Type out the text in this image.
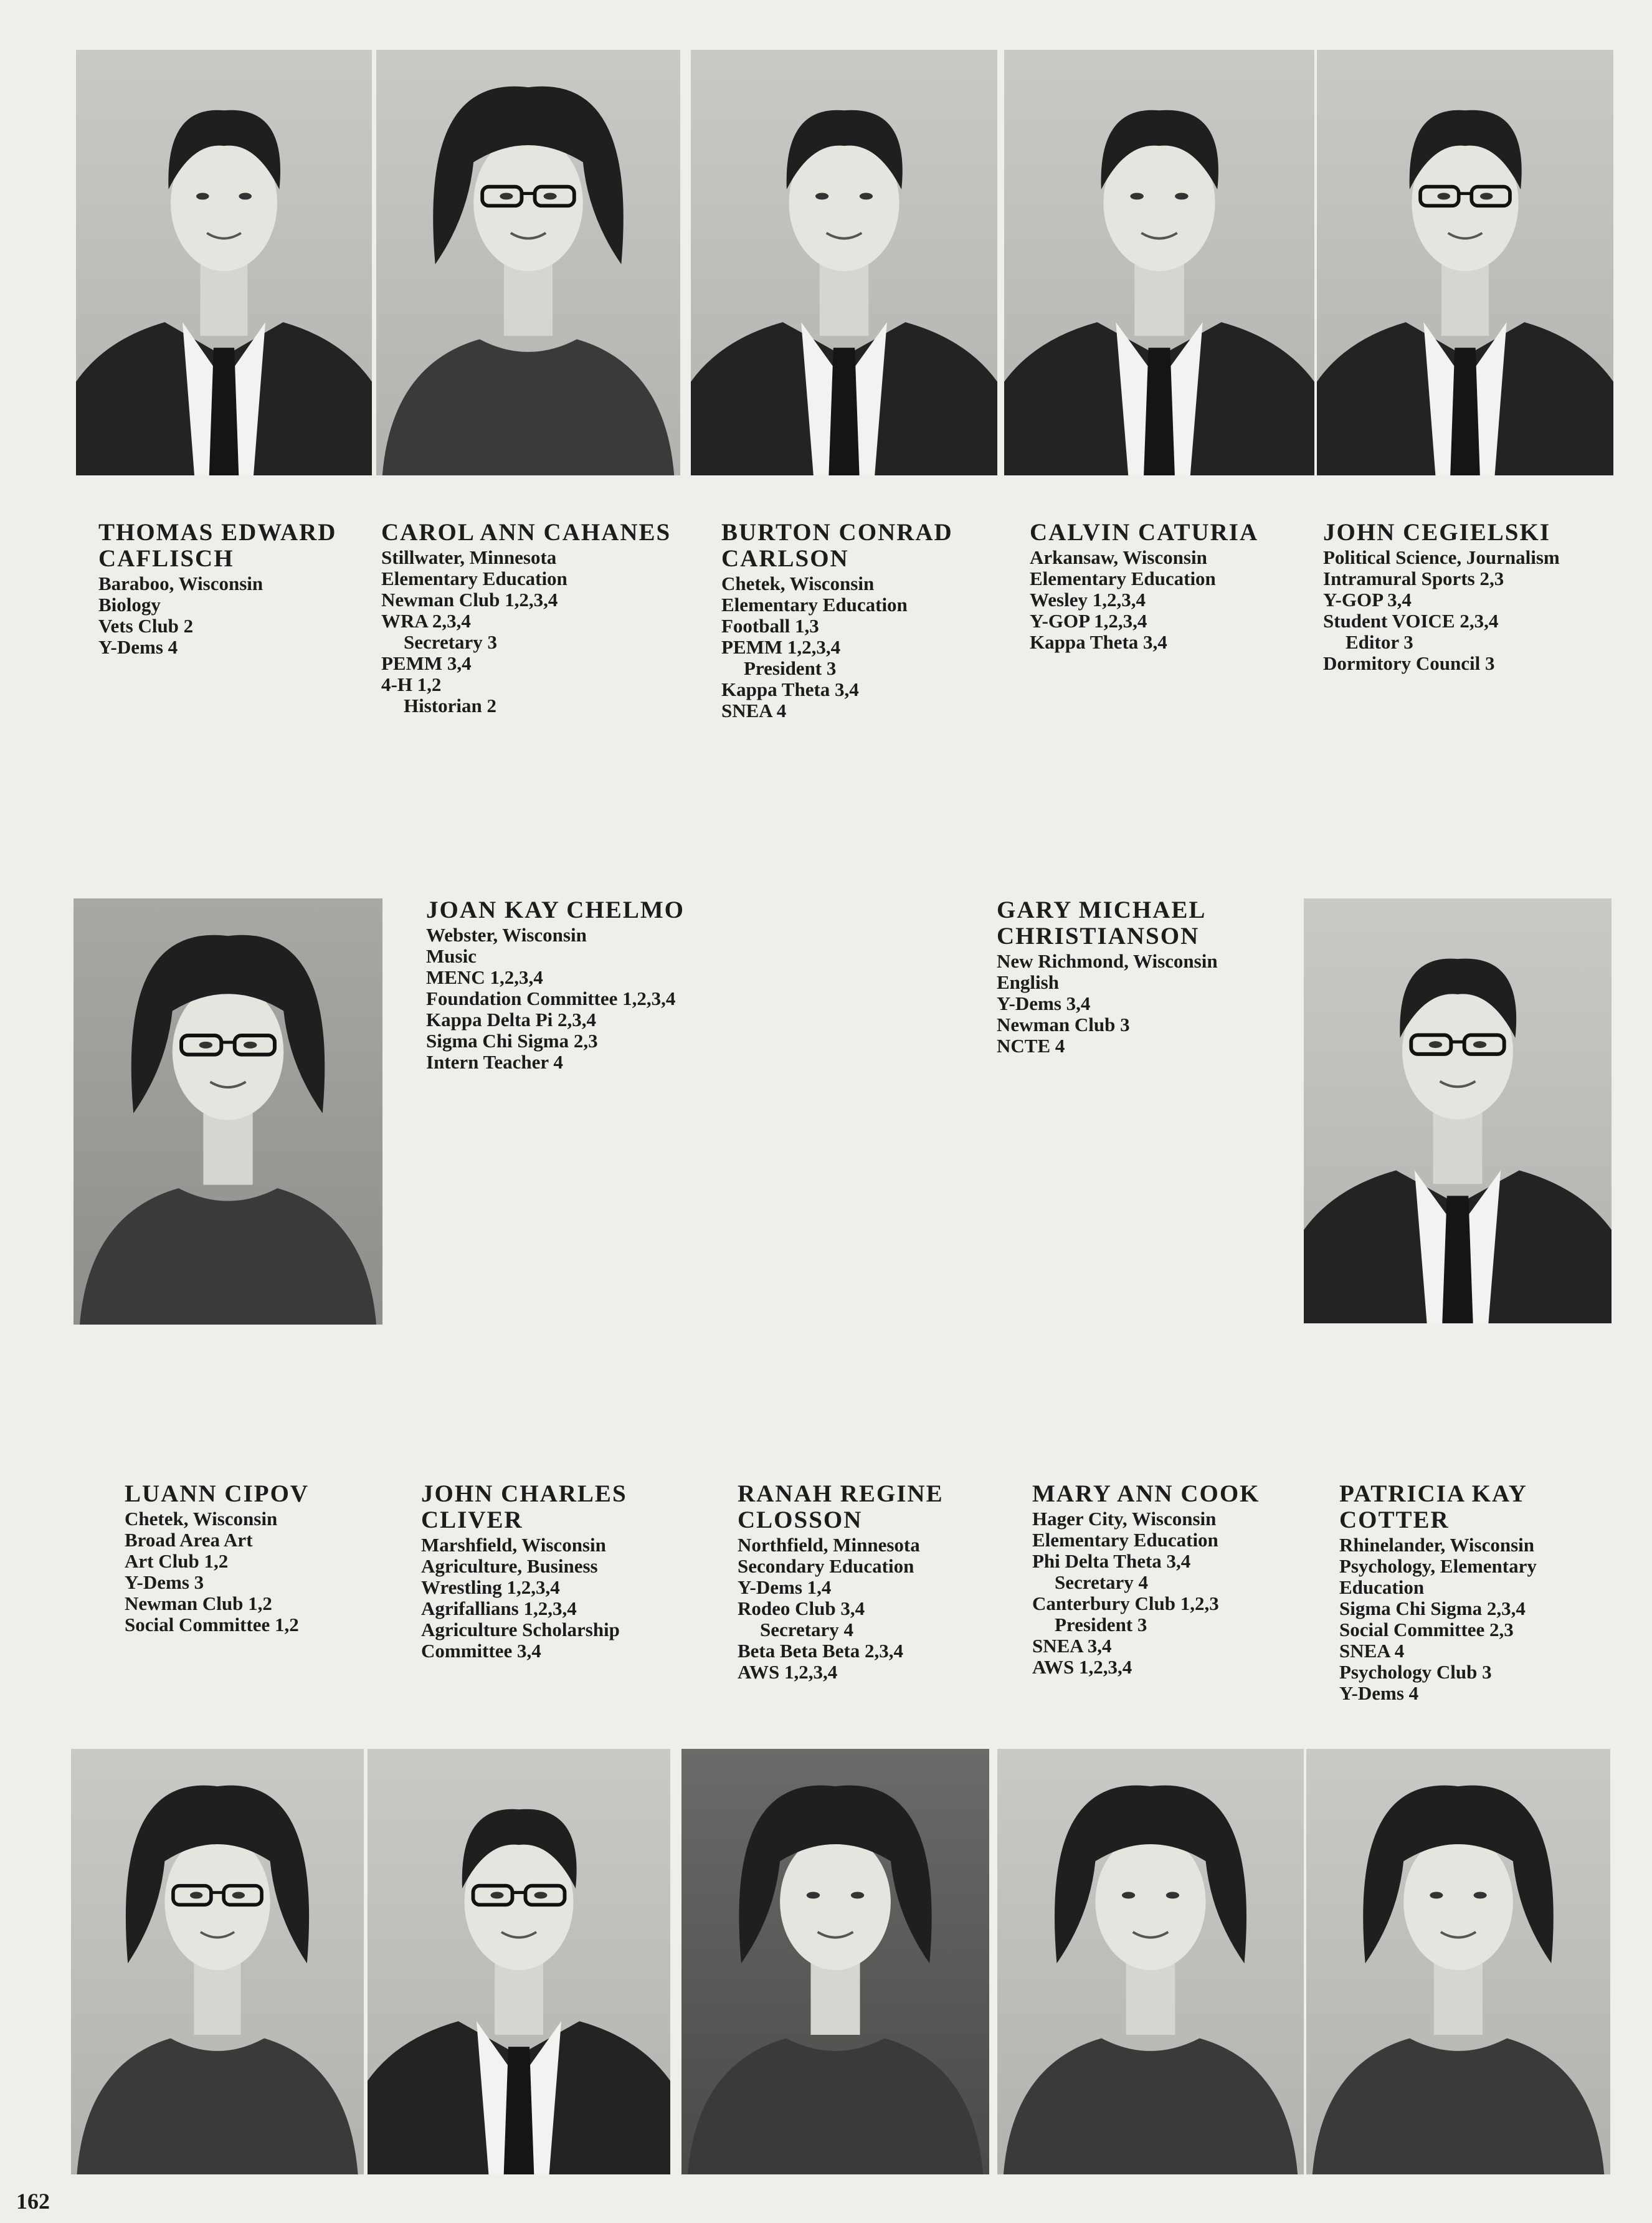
THOMAS EDWARD
CAFLISCH
Baraboo, Wisconsin
Biology
Vets Club 2
Y-Dems 4
CAROL ANN CAHANES
Stillwater, Minnesota
Elementary Education
Newman Club 1,2,3,4
WRA 2,3,4
Secretary 3
PEMM 3,4
4-H 1,2
Historian 2
BURTON CONRAD
CARLSON
Chetek, Wisconsin
Elementary Education
Football 1,3
PEMM 1,2,3,4
President 3
Kappa Theta 3,4
SNEA 4
CALVIN CATURIA
Arkansaw, Wisconsin
Elementary Education
Wesley 1,2,3,4
Y-GOP 1,2,3,4
Kappa Theta 3,4
JOHN CEGIELSKI
Political Science, Journalism
Intramural Sports 2,3
Y-GOP 3,4
Student VOICE 2,3,4
Editor 3
Dormitory Council 3
JOAN KAY CHELMO
Webster, Wisconsin
Music
MENC 1,2,3,4
Foundation Committee 1,2,3,4
Kappa Delta Pi 2,3,4
Sigma Chi Sigma 2,3
Intern Teacher 4
GARY MICHAEL
CHRISTIANSON
New Richmond, Wisconsin
English
Y-Dems 3,4
Newman Club 3
NCTE 4
LUANN CIPOV
Chetek, Wisconsin
Broad Area Art
Art Club 1,2
Y-Dems 3
Newman Club 1,2
Social Committee 1,2
JOHN CHARLES
CLIVER
Marshfield, Wisconsin
Agriculture, Business
Wrestling 1,2,3,4
Agrifallians 1,2,3,4
Agriculture Scholarship
Committee 3,4
RANAH REGINE
CLOSSON
Northfield, Minnesota
Secondary Education
Y-Dems 1,4
Rodeo Club 3,4
Secretary 4
Beta Beta Beta 2,3,4
AWS 1,2,3,4
MARY ANN COOK
Hager City, Wisconsin
Elementary Education
Phi Delta Theta 3,4
Secretary 4
Canterbury Club 1,2,3
President 3
SNEA 3,4
AWS 1,2,3,4
PATRICIA KAY
COTTER
Rhinelander, Wisconsin
Psychology, Elementary
Education
Sigma Chi Sigma 2,3,4
Social Committee 2,3
SNEA 4
Psychology Club 3
Y-Dems 4
162
